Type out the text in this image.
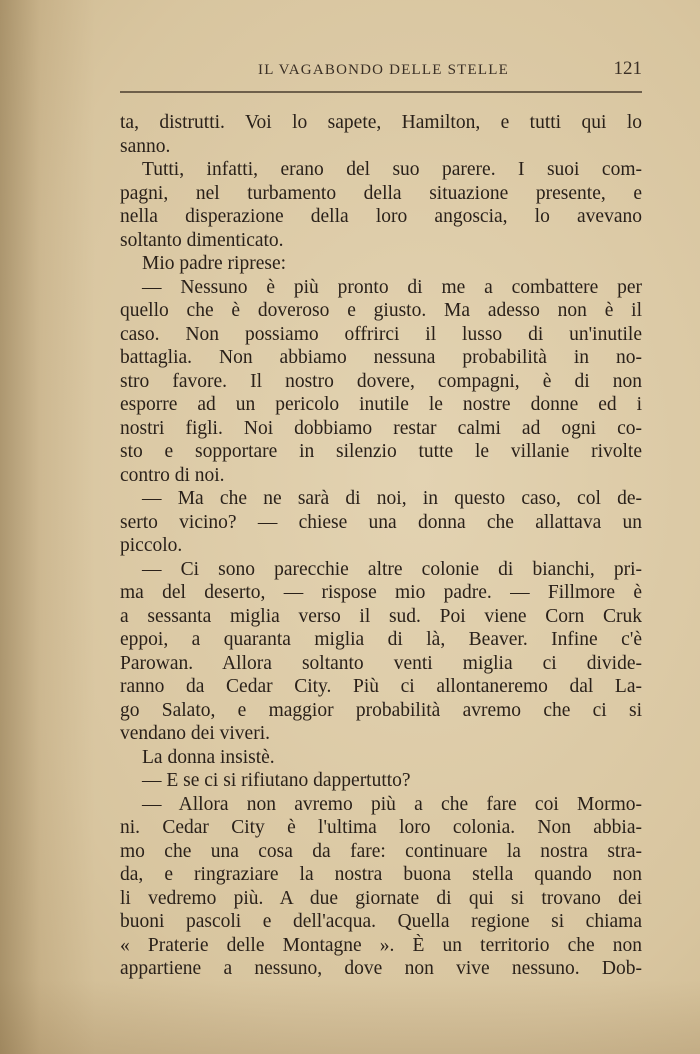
IL VAGABONDO DELLE STELLE	121
ta, distrutti. Voi lo sapete, Hamilton, e tutti qui lo
sanno.
Tutti, infatti, erano del suo parere. I suoi com-
pagni, nel turbamento della situazione presente, e
nella disperazione della loro angoscia, lo avevano
soltanto dimenticato.
Mio padre riprese:
— Nessuno è più pronto di me a combattere per
quello che è doveroso e giusto. Ma adesso non è il
caso. Non possiamo offrirci il lusso di un'inutile
battaglia. Non abbiamo nessuna probabilità in no-
stro favore. Il nostro dovere, compagni, è di non
esporre ad un pericolo inutile le nostre donne ed i
nostri figli. Noi dobbiamo restar calmi ad ogni co-
sto e sopportare in silenzio tutte le villanie rivolte
contro di noi.
— Ma che ne sarà di noi, in questo caso, col de-
serto vicino? — chiese una donna che allattava un
piccolo.
— Ci sono parecchie altre colonie di bianchi, pri-
ma del deserto, — rispose mio padre. — Fillmore è
a sessanta miglia verso il sud. Poi viene Corn Cruk
eppoi, a quaranta miglia di là, Beaver. Infine c'è
Parowan. Allora soltanto venti miglia ci divide-
ranno da Cedar City. Più ci allontaneremo dal La-
go Salato, e maggior probabilità avremo che ci si
vendano dei viveri.
La donna insistè.
— E se ci si rifiutano dappertutto?
— Allora non avremo più a che fare coi Mormo-
ni. Cedar City è l'ultima loro colonia. Non abbia-
mo che una cosa da fare: continuare la nostra stra-
da, e ringraziare la nostra buona stella quando non
li vedremo più. A due giornate di qui si trovano dei
buoni pascoli e dell'acqua. Quella regione si chiama
« Praterie delle Montagne ». È un territorio che non
appartiene a nessuno, dove non vive nessuno. Dob-
